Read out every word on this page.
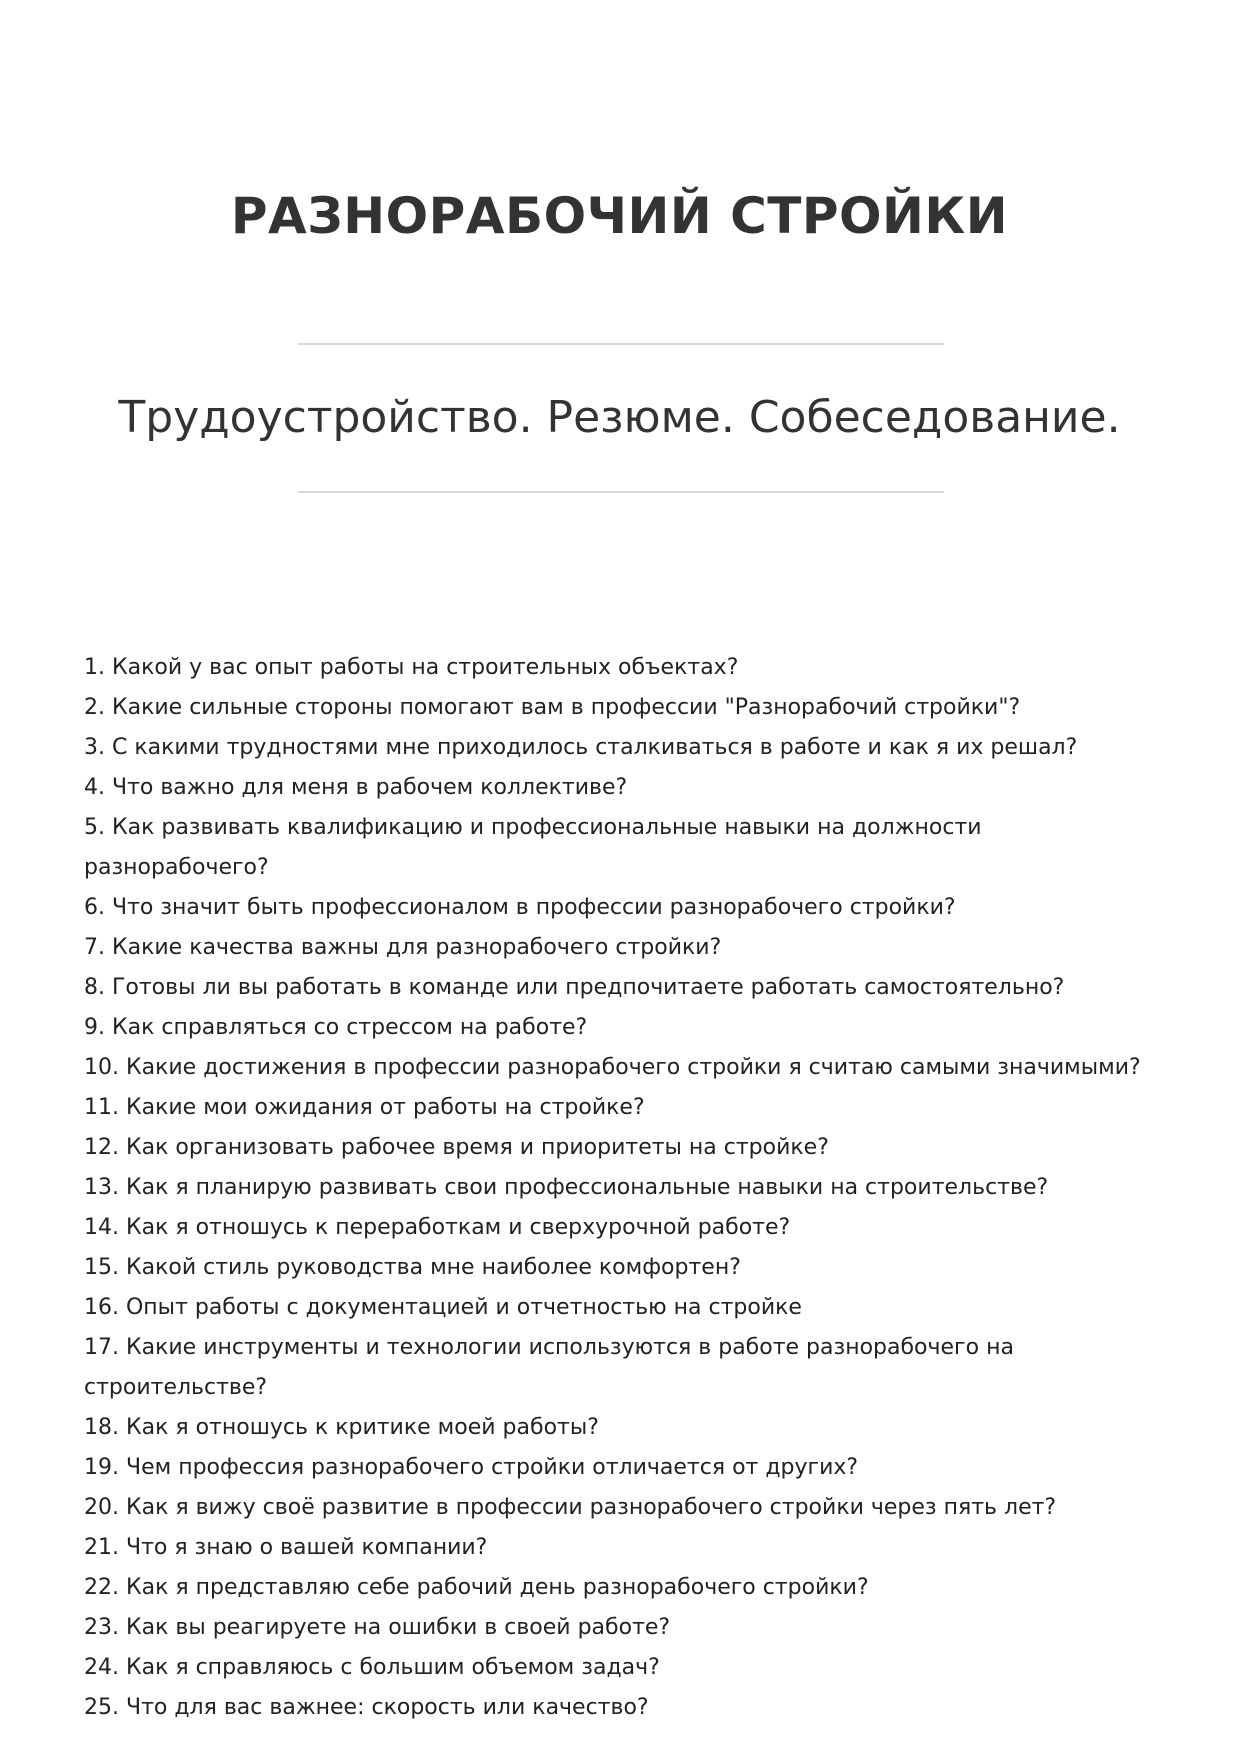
РАЗНОРАБОЧИЙ СТРОЙКИ
Трудоустройство. Резюме. Собеседование.
1. Какой у вас опыт работы на строительных объектах?
2. Какие сильные стороны помогают вам в профессии "Разнорабочий стройки"?
3. С какими трудностями мне приходилось сталкиваться в работе и как я их решал?
4. Что важно для меня в рабочем коллективе?
5. Как развивать квалификацию и профессиональные навыки на должности разнорабочего?
6. Что значит быть профессионалом в профессии разнорабочего стройки?
7. Какие качества важны для разнорабочего стройки?
8. Готовы ли вы работать в команде или предпочитаете работать самостоятельно?
9. Как справляться со стрессом на работе?
10. Какие достижения в профессии разнорабочего стройки я считаю самыми значимыми?
11. Какие мои ожидания от работы на стройке?
12. Как организовать рабочее время и приоритеты на стройке?
13. Как я планирую развивать свои профессиональные навыки на строительстве?
14. Как я отношусь к переработкам и сверхурочной работе?
15. Какой стиль руководства мне наиболее комфортен?
16. Опыт работы с документацией и отчетностью на стройке
17. Какие инструменты и технологии используются в работе разнорабочего на строительстве?
18. Как я отношусь к критике моей работы?
19. Чем профессия разнорабочего стройки отличается от других?
20. Как я вижу своё развитие в профессии разнорабочего стройки через пять лет?
21. Что я знаю о вашей компании?
22. Как я представляю себе рабочий день разнорабочего стройки?
23. Как вы реагируете на ошибки в своей работе?
24. Как я справляюсь с большим объемом задач?
25. Что для вас важнее: скорость или качество?
